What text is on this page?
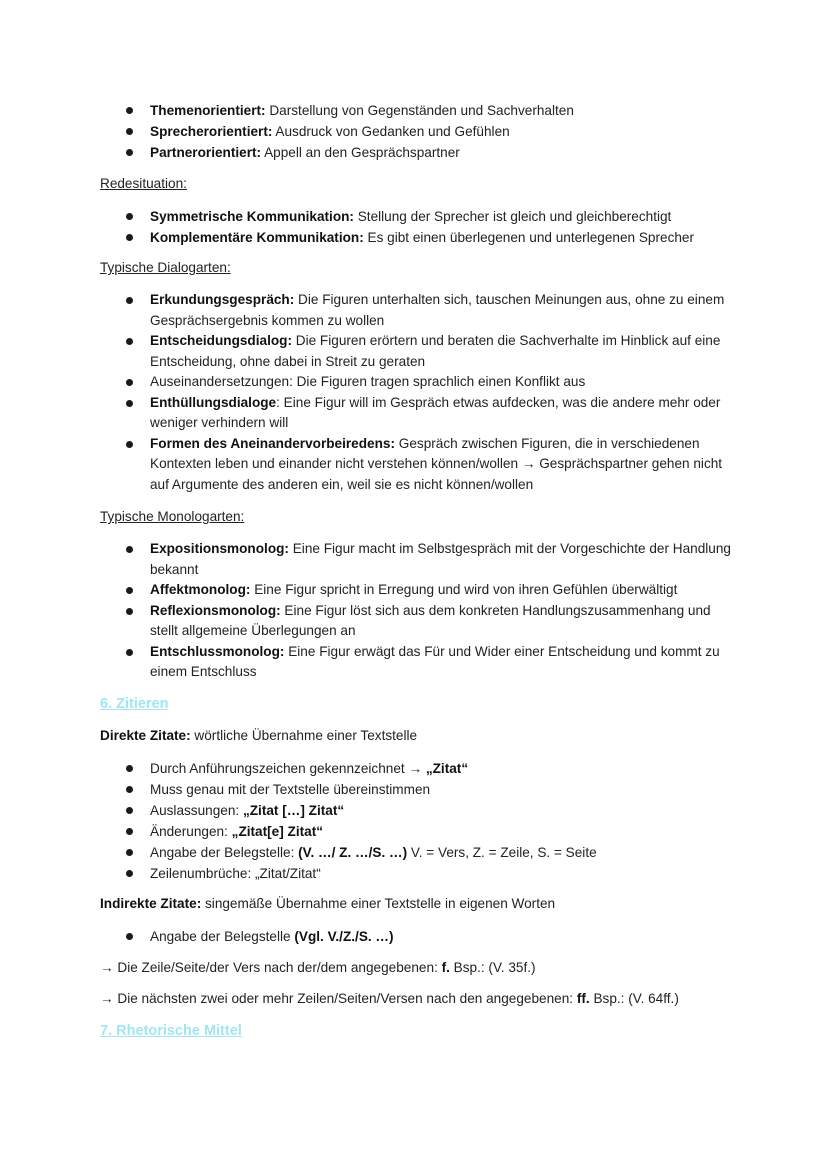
Themenorientiert: Darstellung von Gegenständen und Sachverhalten
Sprecherorientiert: Ausdruck von Gedanken und Gefühlen
Partnerorientiert: Appell an den Gesprächspartner
Redesituation:
Symmetrische Kommunikation: Stellung der Sprecher ist gleich und gleichberechtigt
Komplementäre Kommunikation: Es gibt einen überlegenen und unterlegenen Sprecher
Typische Dialogarten:
Erkundungsgespräch: Die Figuren unterhalten sich, tauschen Meinungen aus, ohne zu einem Gesprächsergebnis kommen zu wollen
Entscheidungsdialog: Die Figuren erörtern und beraten die Sachverhalte im Hinblick auf eine Entscheidung, ohne dabei in Streit zu geraten
Auseinandersetzungen: Die Figuren tragen sprachlich einen Konflikt aus
Enthüllungsdialoge: Eine Figur will im Gespräch etwas aufdecken, was die andere mehr oder weniger verhindern will
Formen des Aneinandervorbeiredens: Gespräch zwischen Figuren, die in verschiedenen Kontexten leben und einander nicht verstehen können/wollen → Gesprächspartner gehen nicht auf Argumente des anderen ein, weil sie es nicht können/wollen
Typische Monologarten:
Expositionsmonolog: Eine Figur macht im Selbstgespräch mit der Vorgeschichte der Handlung bekannt
Affektmonolog: Eine Figur spricht in Erregung und wird von ihren Gefühlen überwältigt
Reflexionsmonolog: Eine Figur löst sich aus dem konkreten Handlungszusammenhang und stellt allgemeine Überlegungen an
Entschlussmonolog: Eine Figur erwägt das Für und Wider einer Entscheidung und kommt zu einem Entschluss
6. Zitieren
Direkte Zitate: wörtliche Übernahme einer Textstelle
Durch Anführungszeichen gekennzeichnet → „Zitat“
Muss genau mit der Textstelle übereinstimmen
Auslassungen: „Zitat […] Zitat“
Änderungen: „Zitat[e] Zitat“
Angabe der Belegstelle: (V. …/ Z. …/S. …) V. = Vers, Z. = Zeile, S. = Seite
Zeilenumbrüche: „Zitat/Zitat“
Indirekte Zitate: singemäße Übernahme einer Textstelle in eigenen Worten
Angabe der Belegstelle (Vgl. V./Z./S. …)
→ Die Zeile/Seite/der Vers nach der/dem angegebenen: f. Bsp.: (V. 35f.)
→ Die nächsten zwei oder mehr Zeilen/Seiten/Versen nach den angegebenen: ff. Bsp.: (V. 64ff.)
7. Rhetorische Mittel
